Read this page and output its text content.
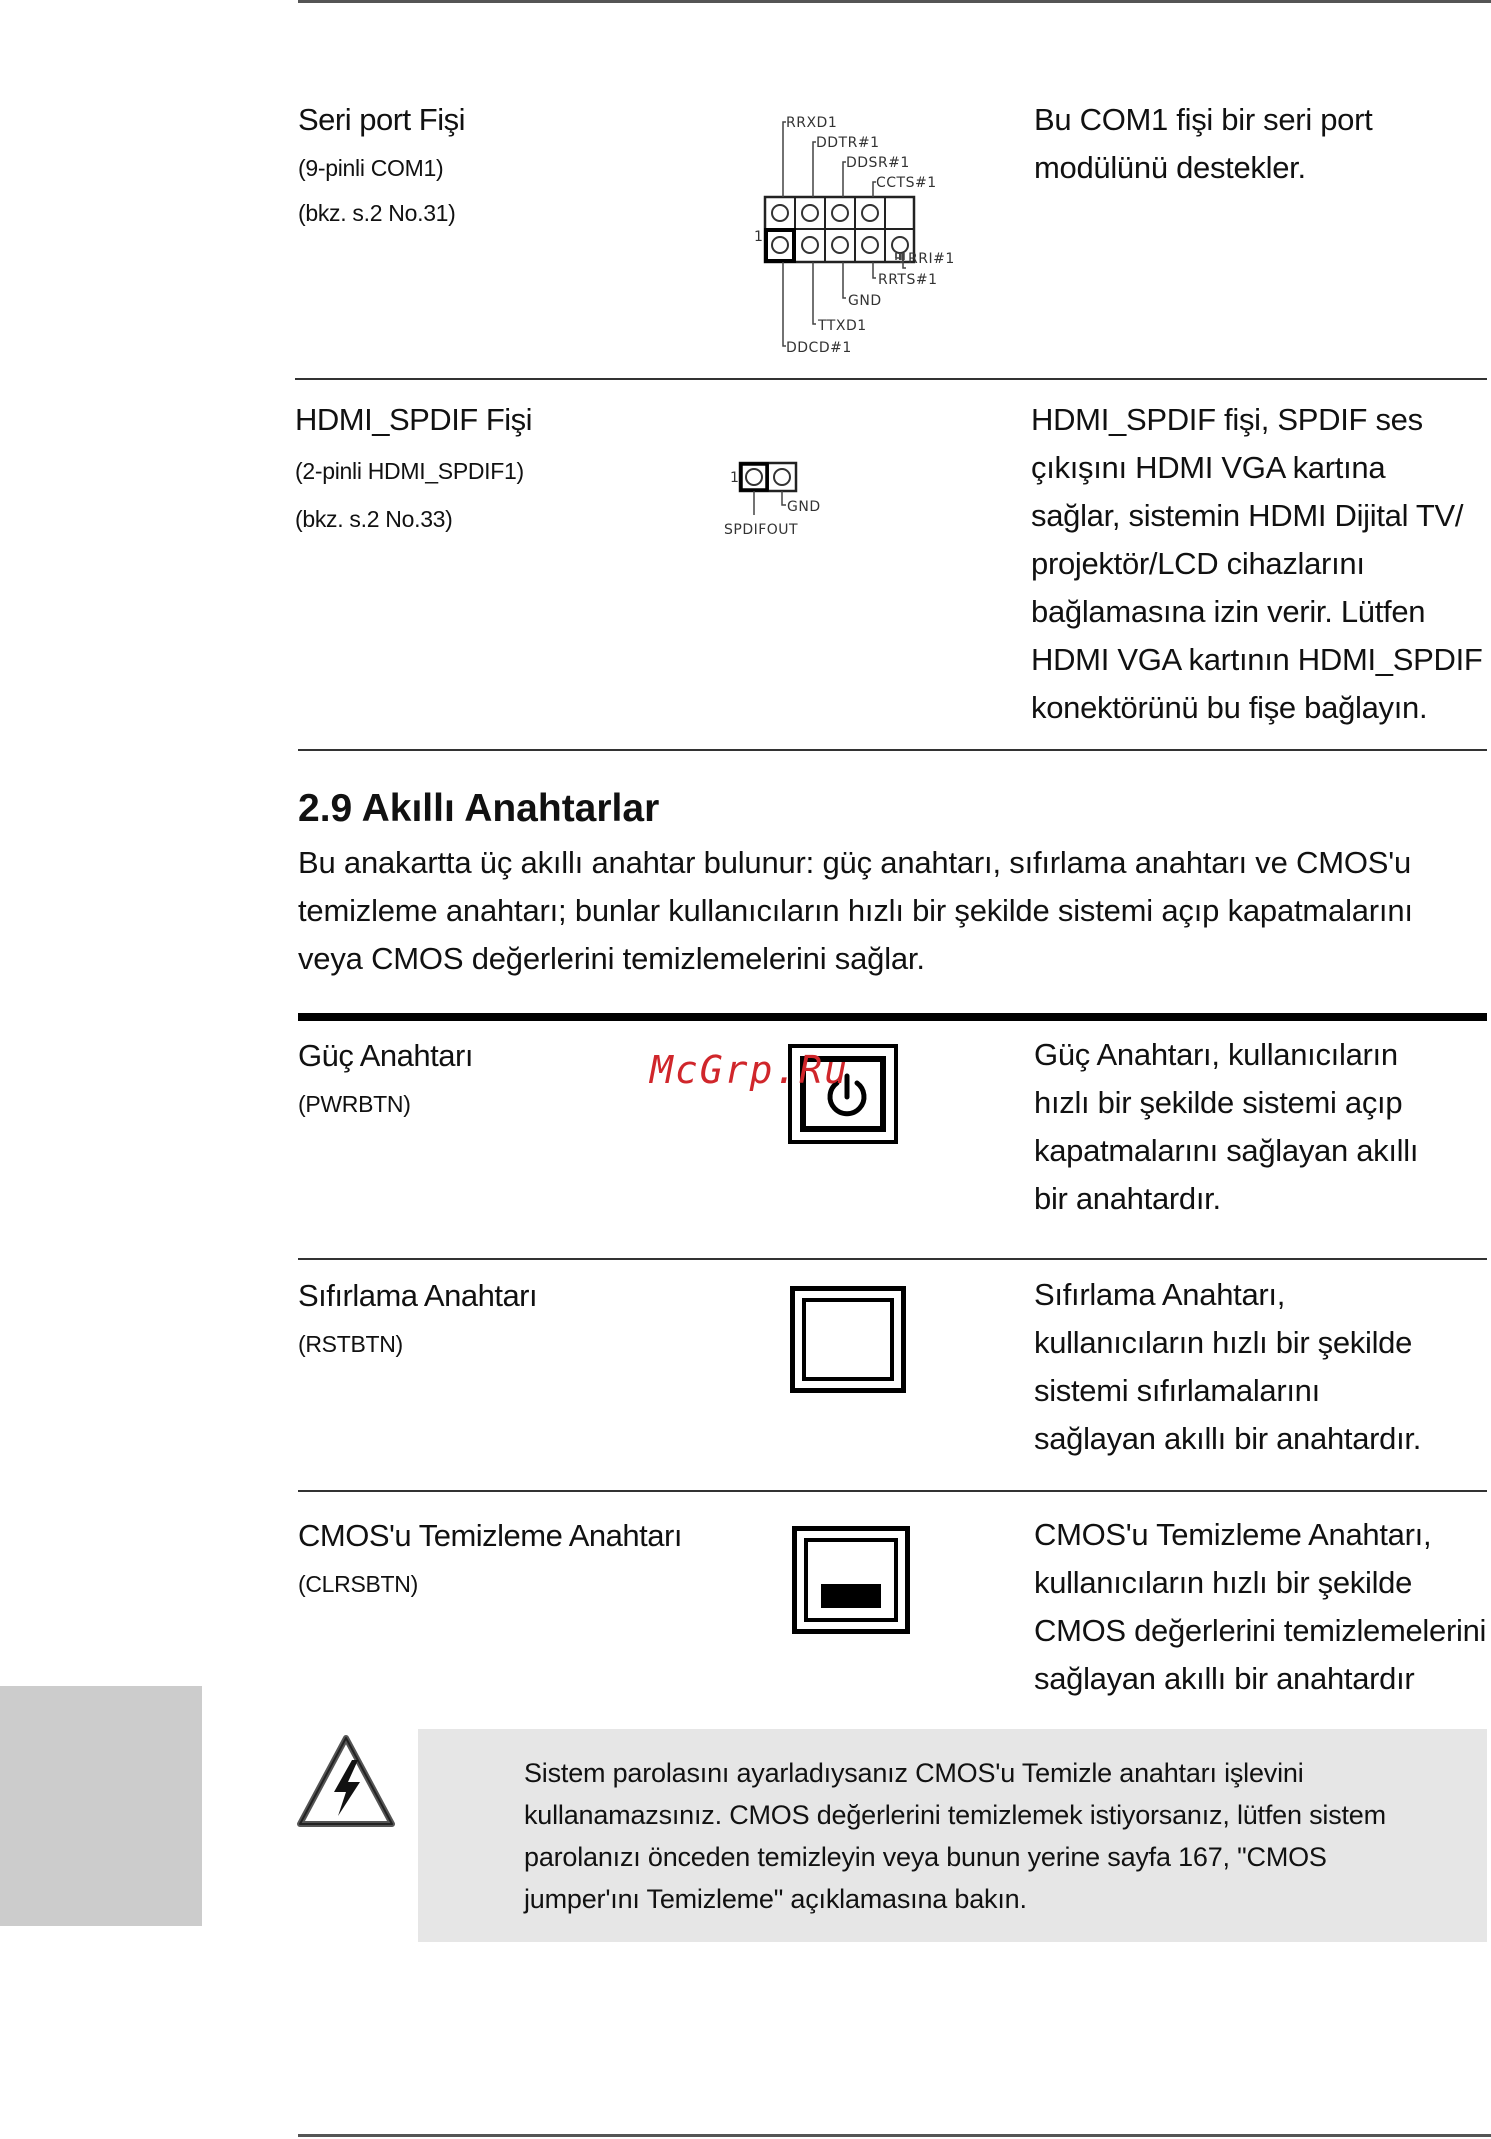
Seri port Fişi
(9-pinli COM1)
(bkz. s.2 No.31)
RRXD1
DDTR#1
DDSR#1
CCTS#1
RRI#1
RRTS#1
GND
TTXD1
DDCD#1
1
Bu COM1 fişi bir seri port
modülünü destekler.
HDMI_SPDIF Fişi
(2-pinli HDMI_SPDIF1)
(bkz. s.2 No.33)
1
GND
SPDIFOUT
HDMI_SPDIF fişi, SPDIF ses
çıkışını HDMI VGA kartına
sağlar, sistemin HDMI Dijital TV/
projektör/LCD cihazlarını
bağlamasına izin verir. Lütfen
HDMI VGA kartının HDMI_SPDIF
konektörünü bu fişe bağlayın.
2.9 Akıllı Anahtarlar
Bu anakartta üç akıllı anahtar bulunur: güç anahtarı, sıfırlama anahtarı ve CMOS'u
temizleme anahtarı; bunlar kullanıcıların hızlı bir şekilde sistemi açıp kapatmalarını
veya CMOS değerlerini temizlemelerini sağlar.
Güç Anahtarı
(PWRBTN)
McGrp.Ru	Güç Anahtarı, kullanıcıların
hızlı bir şekilde sistemi açıp
kapatmalarını sağlayan akıllı
bir anahtardır.
Sıfırlama Anahtarı
(RSTBTN)
Sıfırlama Anahtarı,
kullanıcıların hızlı bir şekilde
sistemi sıfırlamalarını
sağlayan akıllı bir anahtardır.
CMOS'u Temizleme Anahtarı
(CLRSBTN)
CMOS'u Temizleme Anahtarı,
kullanıcıların hızlı bir şekilde
CMOS değerlerini temizlemelerini
sağlayan akıllı bir anahtardır
Sistem parolasını ayarladıysanız CMOS'u Temizle anahtarı işlevini
kullanamazsınız. CMOS değerlerini temizlemek istiyorsanız, lütfen sistem
parolanızı önceden temizleyin veya bunun yerine sayfa 167, "CMOS
jumper'ını Temizleme" açıklamasına bakın.
